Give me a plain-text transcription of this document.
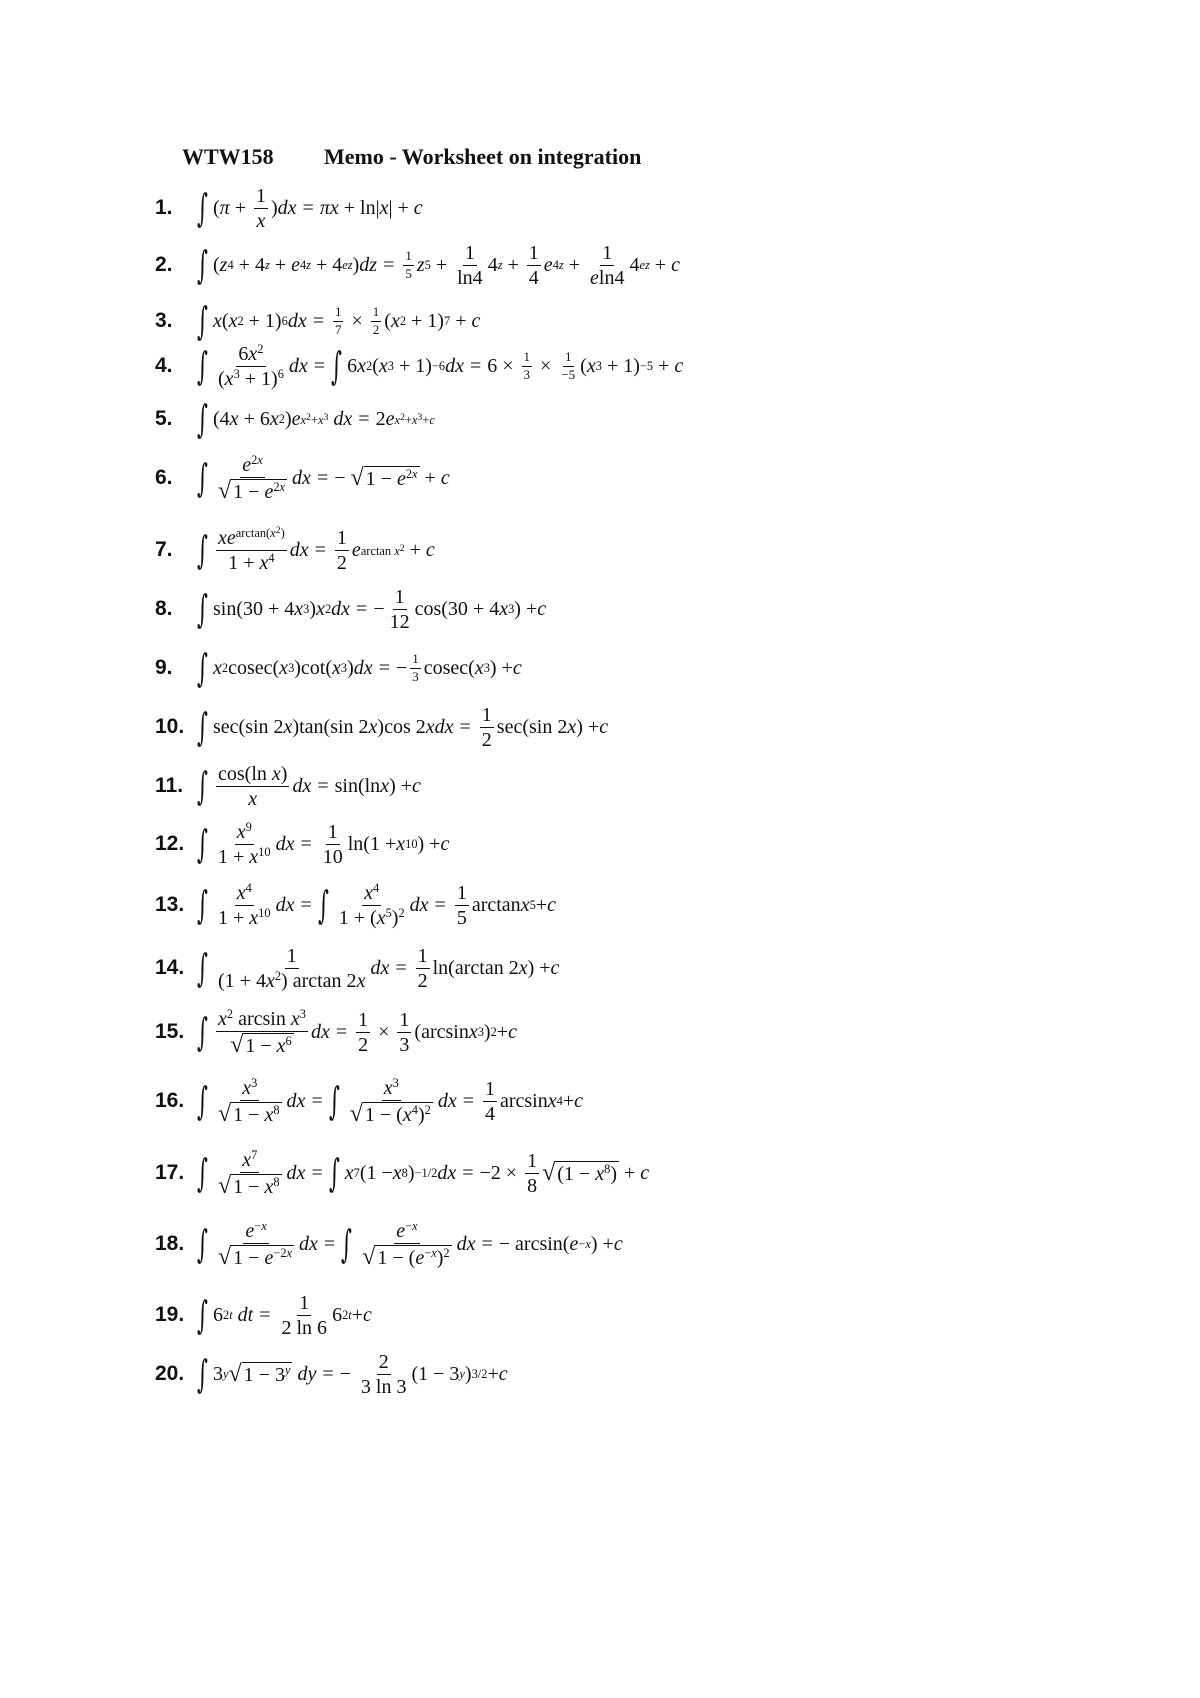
WTW158 Memo - Worksheet on integration
1. ∫ ( $\pi + \frac{1}{x}$ ) dx = πx + ln| x | + c
2. ∫ ( z 4 + 4 z + e 4z + 4 ez ) dz = $\frac{1}{5}$ z $5 + \frac{1}{\ln 4} 4$ $z + \frac{1}{4}$ e $4z + \frac{1}{eln4} 4$ ez + c
3. ∫ x ( x 2 + 1) 6 dx = $\frac{1}{7} \times \frac{1}{2}$ ( x 2 + 1) 7 + c
4. ∫ $\frac{6x^2}{(x^3 + 1)^6}$ dx = ∫ 6 x 2 ( x 3 + 1) −6 dx = $6 \times \frac{1}{3} \times \frac{1}{-5}$ ( x 3 + 1) −5 + c
5. ∫ (4 x + 6 x 2 ) e $x^2+x^3$
dx = 2 e $x^2+x^3+c$
6. ∫ $\frac{e^{2x}}{√ 1 - e^{2x}}$ dx = − √ $1 - e^{2x} + c$
7. ∫ $\frac{xe^{arctan(x^2)}}{1 + x^4}$ dx = $\frac{1}{2}$ e $\arctan x^2 + c$
8. ∫ sin(30 + 4 x 3 ) x 2 dx = − $\frac{1}{12} \cos(30 + 4$ x 3 ) + c
9. ∫ x 2 cosec( x 3 )cot( x 3 ) dx = − $\frac{1}{3} cosec$( x 3 ) + c
10. ∫ sec(sin 2 x )tan(sin 2 x )cos 2 xdx = $\frac{1}{2} \sec(\sin$ 2 x ) + c
11. ∫ $\frac{\text{cos(ln x)}}{x}$ dx = sin(ln x ) + c
12. ∫ $\frac{x^9}{1 + x^{10}}$ dx = $\frac{1}{10} \ln(1 + x$ 10 ) + c
13. ∫ $\frac{x^4}{1 + x^{10}}$ dx = ∫ $\frac{x^4}{1 + (x^5)^2}$ dx = $\frac{1}{5}$ arctan x 5 + c
14. ∫ $\frac{1}{(1 + 4x^2) \arctan 2x}$ dx = $\frac{1}{2} \ln(\arctan$ 2 x ) + c
15. ∫ $\frac{x^2 \arcsin x^3}{√ 1 - x^6}$ dx = $\frac{1}{2} \times \frac{1}{3} (\arcsin$ x 3 ) 2 + c
16. ∫ $\frac{x^3}{√ 1 - x^8}$ dx = ∫ $\frac{x^3}{√ 1 - (x^4)^2}$ dx = $\frac{1}{4}$ arcsin x 4 + c
17. ∫ $\frac{x^7}{√ 1 - x^8}$ dx = ∫ x 7 (1 − x 8 ) −1/2 dx = $-2 \times \frac{1}{8}$ √ $(1 - x^8) + c$
18. ∫ $\frac{e^{-x}}{√ 1 - e^{-2x}}$ dx = ∫ $\frac{e^{-x}}{√ 1 - (e^{-x})^2}$ dx = − arcsin( e −x ) + c
19. ∫ 6 2t
dt = $\frac{1}{2 \ln 6} 6$ 2t + c
20. ∫ 3 y √ $1 - 3^y$
dy = − $\frac{2}{3 \ln 3} (1 - 3$ y ) 3/2 + c
